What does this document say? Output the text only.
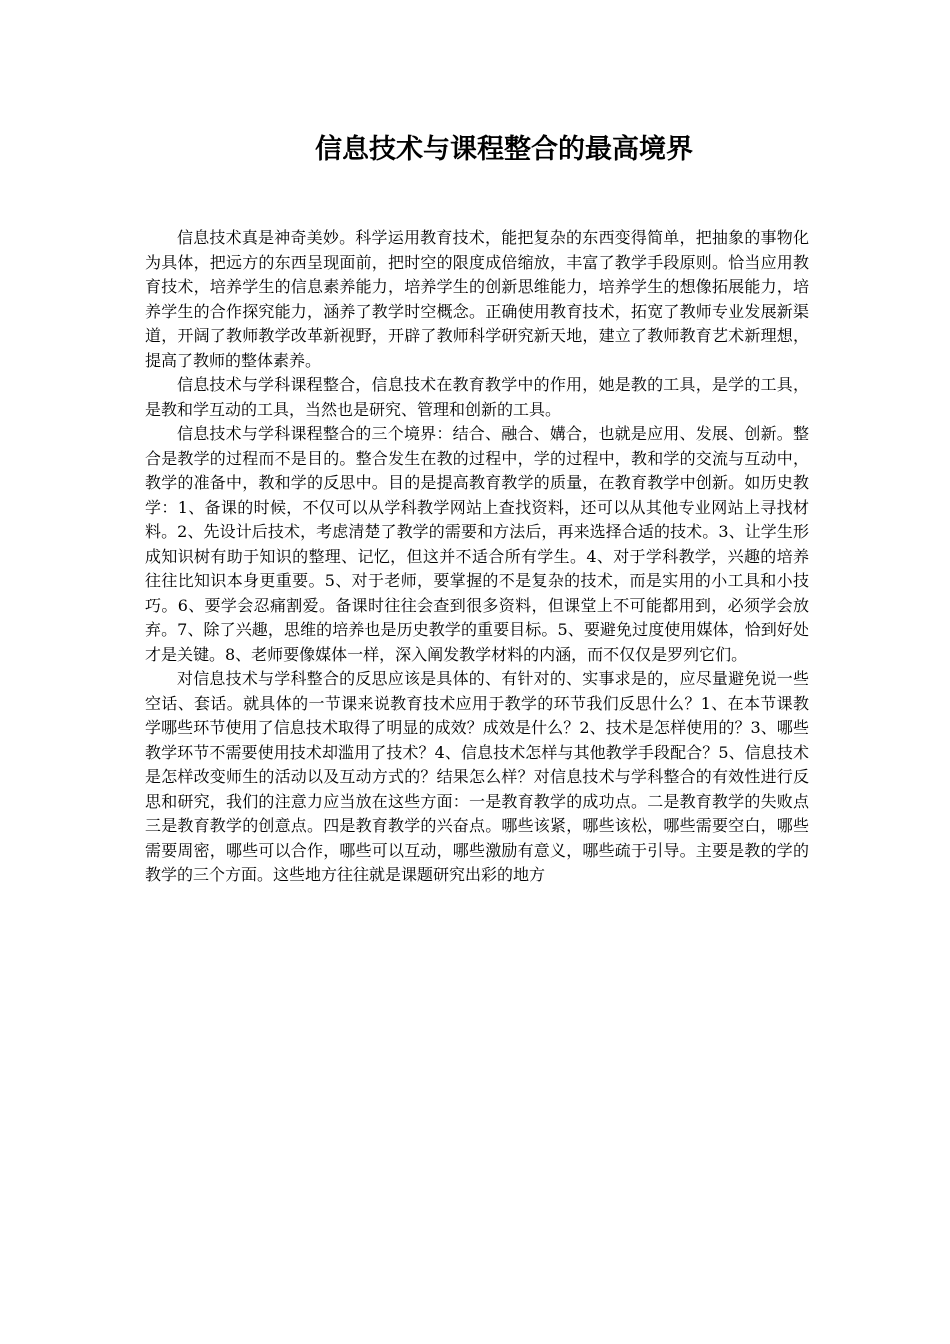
信息技术与课程整合的最高境界

信息技术真是神奇美妙。科学运用教育技术，能把复杂的东西变得简单，把抽象的事物化为具体，把远方的东西呈现面前，把时空的限度成倍缩放，丰富了教学手段原则。恰当应用教育技术，培养学生的信息素养能力，培养学生的创新思维能力，培养学生的想像拓展能力，培养学生的合作探究能力，涵养了教学时空概念。正确使用教育技术，拓宽了教师专业发展新渠道，开阔了教师教学改革新视野，开辟了教师科学研究新天地，建立了教师教育艺术新理想，提高了教师的整体素养。

信息技术与学科课程整合，信息技术在教育教学中的作用，她是教的工具，是学的工具，是教和学互动的工具，当然也是研究、管理和创新的工具。

信息技术与学科课程整合的三个境界：结合、融合、媾合，也就是应用、发展、创新。整合是教学的过程而不是目的。整合发生在教的过程中，学的过程中，教和学的交流与互动中，教学的准备中，教和学的反思中。目的是提高教育教学的质量，在教育教学中创新。如历史教学：1、备课的时候，不仅可以从学科教学网站上查找资料，还可以从其他专业网站上寻找材料。2、先设计后技术，考虑清楚了教学的需要和方法后，再来选择合适的技术。3、让学生形成知识树有助于知识的整理、记忆，但这并不适合所有学生。4、对于学科教学，兴趣的培养往往比知识本身更重要。5、对于老师，要掌握的不是复杂的技术，而是实用的小工具和小技巧。6、要学会忍痛割爱。备课时往往会查到很多资料，但课堂上不可能都用到，必须学会放弃。7、除了兴趣，思维的培养也是历史教学的重要目标。5、要避免过度使用媒体，恰到好处才是关键。8、老师要像媒体一样，深入阐发教学材料的内涵，而不仅仅是罗列它们。

对信息技术与学科整合的反思应该是具体的、有针对的、实事求是的，应尽量避免说一些空话、套话。就具体的一节课来说教育技术应用于教学的环节我们反思什么？1、在本节课教学哪些环节使用了信息技术取得了明显的成效？成效是什么？2、技术是怎样使用的？3、哪些教学环节不需要使用技术却滥用了技术？4、信息技术怎样与其他教学手段配合？5、信息技术是怎样改变师生的活动以及互动方式的？结果怎么样？对信息技术与学科整合的有效性进行反思和研究，我们的注意力应当放在这些方面：一是教育教学的成功点。二是教育教学的失败点三是教育教学的创意点。四是教育教学的兴奋点。哪些该紧，哪些该松，哪些需要空白，哪些需要周密，哪些可以合作，哪些可以互动，哪些激励有意义，哪些疏于引导。主要是教的学的教学的三个方面。这些地方往往就是课题研究出彩的地方
